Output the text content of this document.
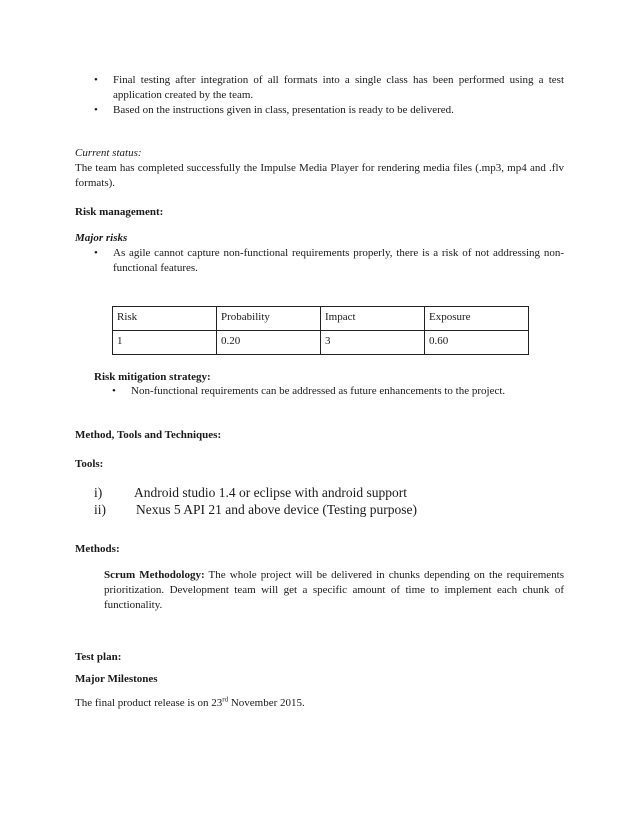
• Final testing after integration of all formats into a single class has been performed using a test application created by the team.
• Based on the instructions given in class, presentation is ready to be delivered.
Current status:
The team has completed successfully the Impulse Media Player for rendering media files (.mp3, mp4 and .flv formats).
Risk management:
Major risks
• As agile cannot capture non-functional requirements properly, there is a risk of not addressing non-functional features.
Risk	Probability	Impact	Exposure
1	0.20	3	0.60
Risk mitigation strategy:
• Non-functional requirements can be addressed as future enhancements to the project.
Method, Tools and Techniques:
Tools:
i) Android studio 1.4 or eclipse with android support
ii) Nexus 5 API 21 and above device (Testing purpose)
Methods:
Scrum Methodology: The whole project will be delivered in chunks depending on the requirements prioritization. Development team will get a specific amount of time to implement each chunk of functionality.
Test plan:
Major Milestones
The final product release is on 23rd November 2015.
